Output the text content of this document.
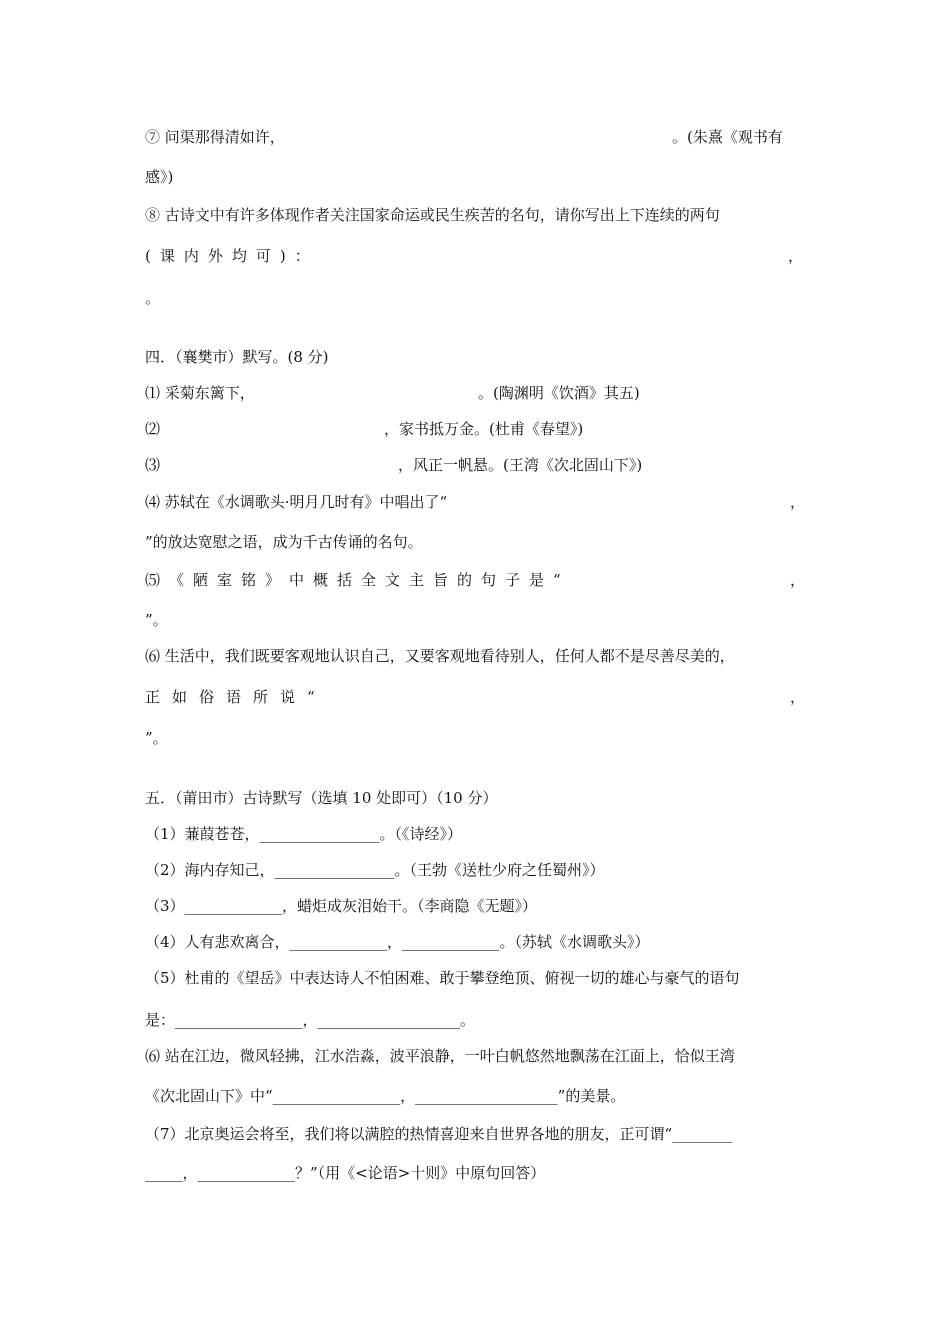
⑦ 问渠那得清如许，	。(朱熹《观书有
感》)
⑧ 古诗文中有许多体现作者关注国家命运或民生疾苦的名句，请你写出上下连续的两句
(课内外均可)：	，
。
四．（襄樊市）默写。(8 分)
⑴ 采菊东篱下，	。(陶渊明《饮酒》其五)
⑵	，家书抵万金。(杜甫《春望》)
⑶	，风正一帆悬。(王湾《次北固山下》)
⑷ 苏轼在《水调歌头·明月几时有》中唱出了“	，
”的放达宽慰之语，成为千古传诵的名句。
⑸《陋室铭》中概括全文主旨的句子是“	，
”。
⑹ 生活中，我们既要客观地认识自己，又要客观地看待别人，任何人都不是尽善尽美的，
正如俗语所说“	，
”。
五．（莆田市）古诗默写（选填 10 处即可）（10 分）
（1）蒹葭苍苍，________________。（《诗经》）
（2）海内存知己，________________。（王勃《送杜少府之任蜀州》）
（3）_____________，蜡炬成灰泪始干。（李商隐《无题》）
（4）人有悲欢离合，_____________，_____________。（苏轼《水调歌头》）
（5）杜甫的《望岳》中表达诗人不怕困难、敢于攀登绝顶、俯视一切的雄心与豪气的语句
是：_________________，___________________。
⑹ 站在江边，微风轻拂，江水浩淼，波平浪静，一叶白帆悠然地飘荡在江面上，恰似王湾
《次北固山下》中“_________________，___________________”的美景。
（7）北京奥运会将至，我们将以满腔的热情喜迎来自世界各地的朋友，正可谓“________
_____，_____________？”（用《<论语>十则》中原句回答）
